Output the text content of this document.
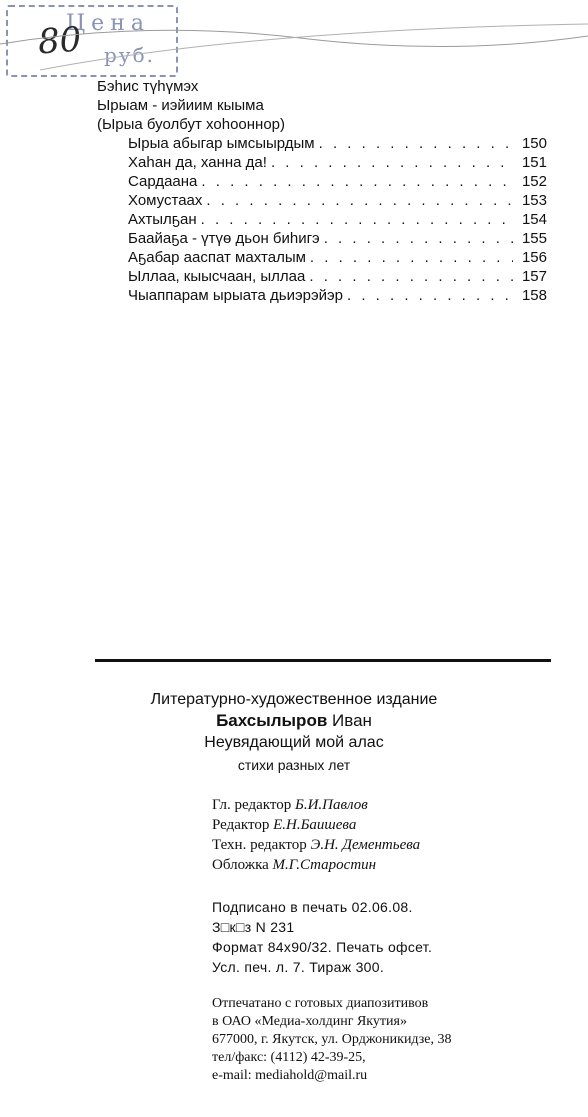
Цена
руб.
80
Бэhис түhүмэх
Ырыам - иэйиим кыыма
(Ырыа буолбут хоhооннор)
Ырыа абыгар ымсыырдым . . .	150
Хаhан да, ханна да! . . .	151
Сардаана . . .	152
Хомустаах . . .	153
Ахтылҕан . . .	154
Баайаҕа - үтүө дьон биhигэ . . .	155
Аҕабар ааспат махталым . . .	156
Ыллаа, кыысчаан, ыллаа . . .	157
Чыаппарам ырыата дьиэрэйэр . . .	158
Литературно-художественное издание
Бахсылыров Иван
Неувядающий мой алас
стихи разных лет
Гл. редактор Б.И.Павлов
Редактор Е.Н.Баишева
Техн. редактор Э.Н. Дементьева
Обложка М.Г.Старостин
Подписано в печать 02.06.08.
З□к□з N 231
Формат 84x90/32. Печать офсет.
Усл. печ. л. 7. Тираж 300.
Отпечатано с готовых диапозитивов
в ОАО «Медиа-холдинг Якутия»
677000, г. Якутск, ул. Орджоникидзе, 38
тел/факс: (4112) 42-39-25,
e-mail: mediahold@mail.ru
